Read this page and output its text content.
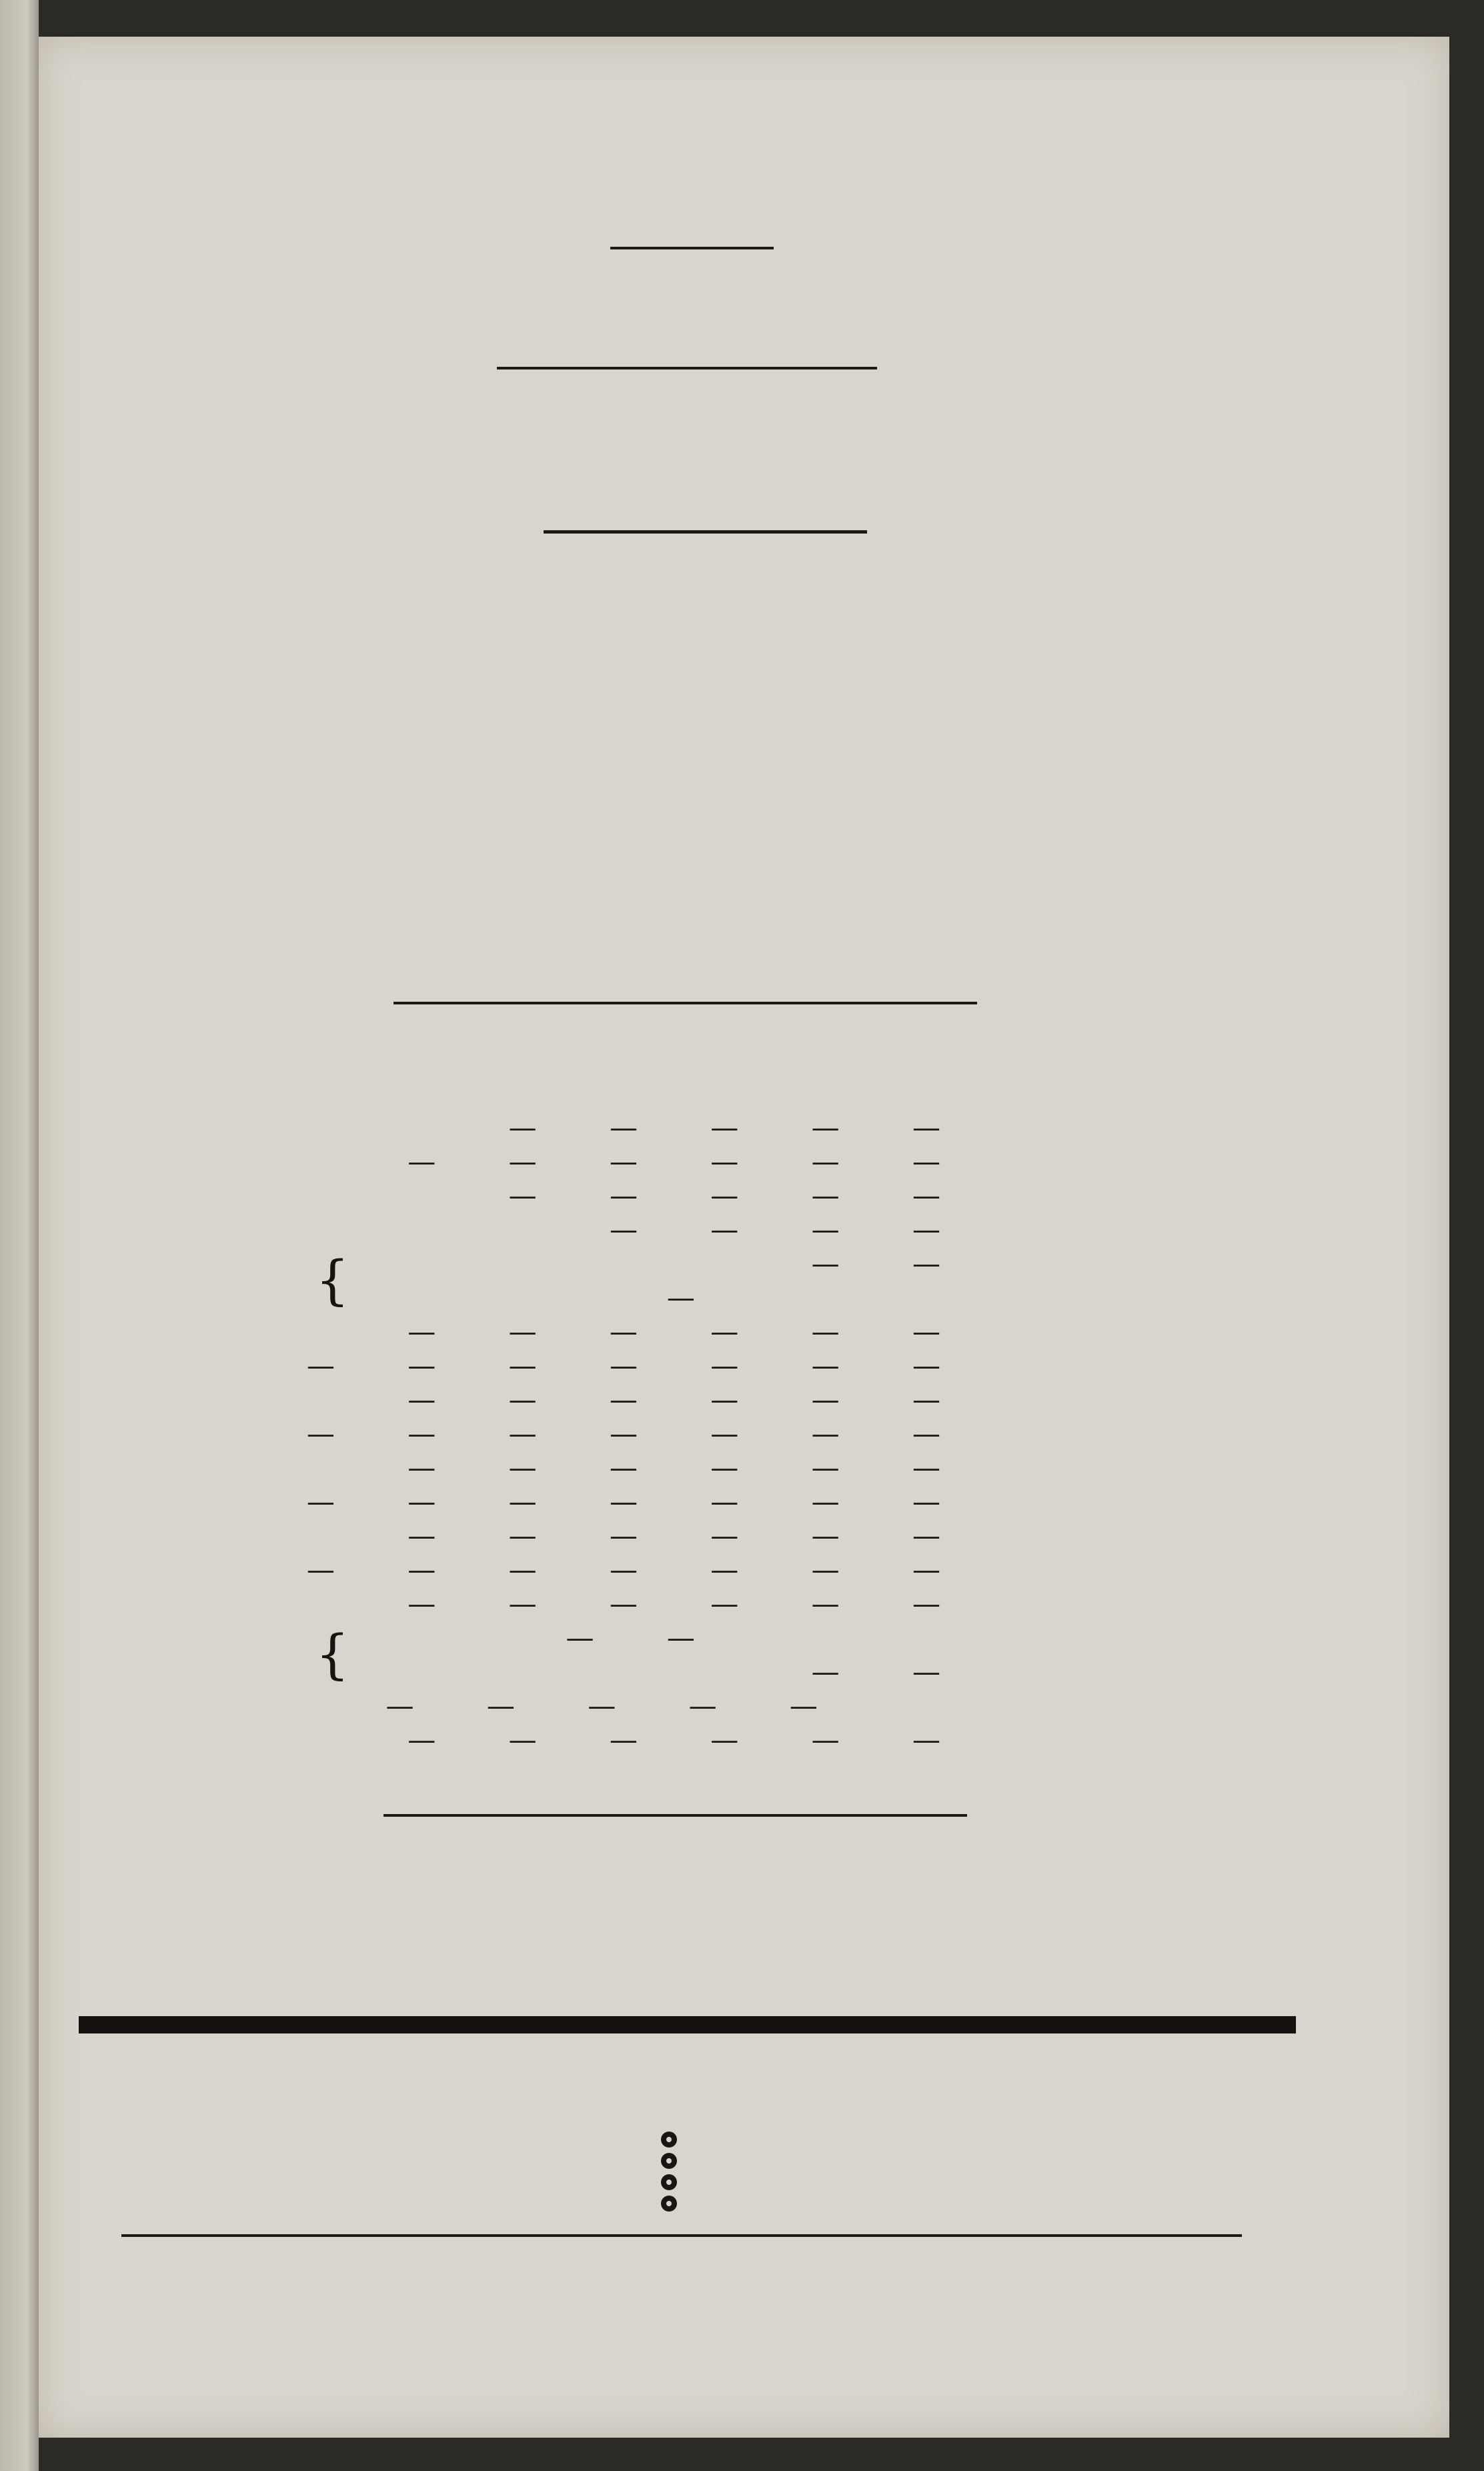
— — — — —
— — — — — —
— — — — —
— — — —
— —
—
— — — — — —
— — — — — — —
— — — — — —
— — — — — — —
— — — — — —
— — — — — — —
— — — — — —
— — — — — — —
— — — — — —
— —
— —
— — — — —
— — — — — —
{
{
